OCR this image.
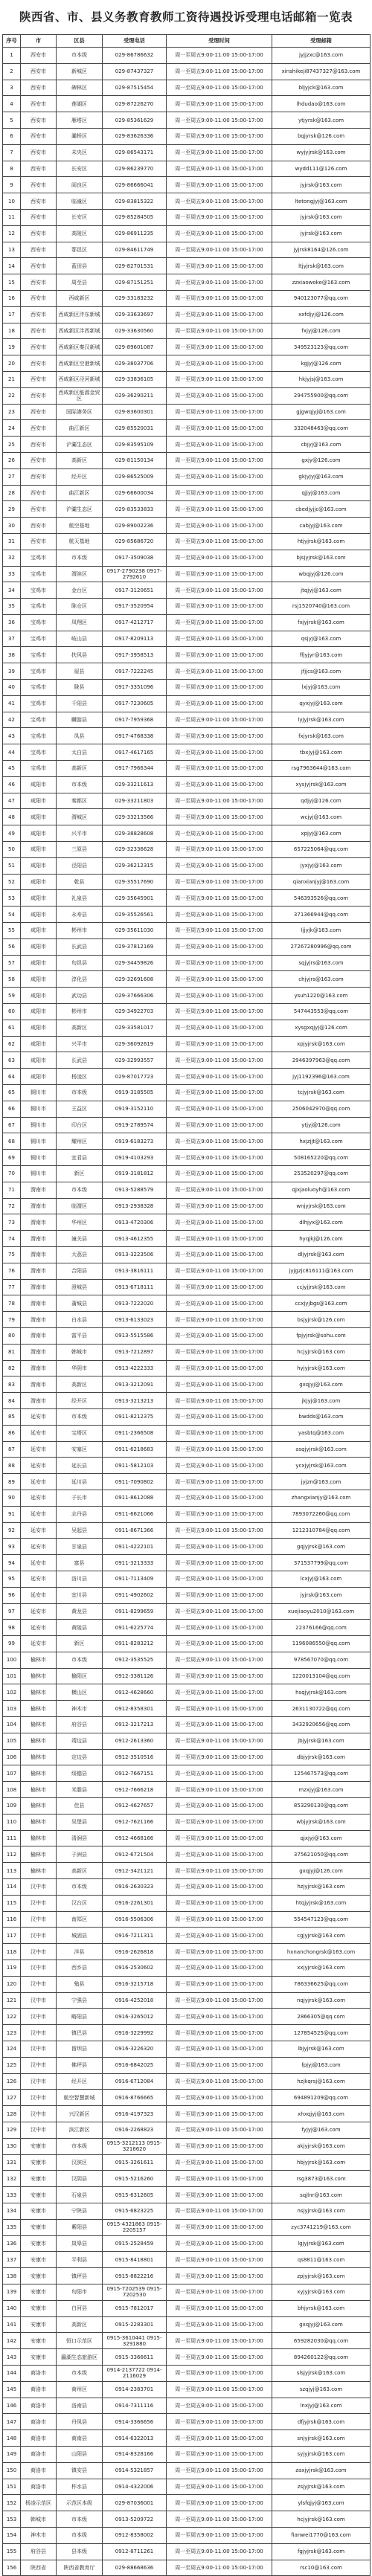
陕西省、市、县义务教育教师工资待遇投诉受理电话邮箱一览表
序号	市	区县	受理电话	受理时间	受理邮箱
1	西安市	市本级	029-86786632	周一至周五9:00-11:00 15:00-17:00	jyjjzxc@163.com
2	西安市	新城区	029-87437327	周一至周五9:00-11:00 15:00-17:00	xinshikeji87437327@163.com
3	西安市	碑林区	029-87515454	周一至周五9:00-11:00 15:00-17:00	bljyjck@163.com
4	西安市	莲湖区	029-87226270	周一至周五9:00-11:00 15:00-17:00	lhdudao@163.com
5	西安市	雁塔区	029-85361629	周一至周五9:00-11:00 15:00-17:00	ytjyrsk@163.com
6	西安市	灞桥区	029-83626336	周一至周五9:00-11:00 15:00-17:00	bqjyrsk@126.com
7	西安市	未央区	029-86543171	周一至周五9:00-11:00 15:00-17:00	wyjyjrsk@163.com
8	西安市	长安区	029-86239770	周一至周五9:00-11:00 15:00-17:00	wydd111@126.com
9	西安市	阎良区	029-86666041	周一至周五9:00-11:00 15:00-17:00	jyjrsk@163.com
10	西安市	临潼区	029-83815322	周一至周五9:00-11:00 15:00-17:00	ltetongjyj@163.com
11	西安市	长安区	029-85284505	周一至周五9:00-11:00 15:00-17:00	jyjrsk@163.com
12	西安市	高陵区	029-86911235	周一至周五9:00-11:00 15:00-17:00	jyjrsk@163.com
13	西安市	鄠邑区	029-84611749	周一至周五9:00-11:00 15:00-17:00	jyjrsk8164@126.com
14	西安市	蓝田县	029-82701531	周一至周五9:00-11:00 15:00-17:00	ltjyjrsk@163.com
15	西安市	周至县	029-87151251	周一至周五9:00-11:00 15:00-17:00	zzxiaowoke@163.com
16	西安市	西咸新区	029-33183232	周一至周五9:00-11:00 15:00-17:00	940123077@qq.com
17	西安市	西咸新区沣东新城	029-33633697	周一至周五9:00-11:00 15:00-17:00	xxfdjyj@126.com
18	西安市	西咸新区沣西新城	029-33630560	周一至周五9:00-11:00 15:00-17:00	fxjyj@126.com
19	西安市	西咸新区秦汉新城	029-89601087	周一至周五9:00-11:00 15:00-17:00	349523123@qq.com
20	西安市	西咸新区空港新城	029-38037706	周一至周五9:00-11:00 15:00-17:00	kgjyj@126.com
21	西安市	西咸新区泾河新城	029-33836105	周一至周五9:00-11:00 15:00-17:00	hkjyjsj@163.com
22	西安市	西咸新区能源金贸区	029-36290211	周一至周五9:00-11:00 15:00-17:00	294755900@qq.com
23	西安市	国际港务区	029-83600301	周一至周五9:00-11:00 15:00-17:00	gjgwqjyj@163.com
24	西安市	曲江新区	029-85520031	周一至周五9:00-11:00 15:00-17:00	332048463@qq.com
25	西安市	浐灞生态区	029-83595109	周一至周五9:00-11:00 15:00-17:00	cbjyj@163.com
26	西安市	高新区	029-81150134	周一至周五9:00-11:00 15:00-17:00	gxjy@126.com
27	西安市	经开区	029-86525009	周一至周五9:00-11:00 15:00-17:00	gkjyjyj@163.com
28	西安市	曲江新区	029-66600034	周一至周五9:00-11:00 15:00-17:00	qjjyj@163.com
29	西安市	沪灞生态区	029-83533833	周一至周五9:00-11:00 15:00-17:00	cbedjyjjc@163.com
30	西安市	航空基地	029-89002236	周一至周五9:00-11:00 15:00-17:00	cabjyj@163.com
31	西安市	航天基地	029-85686720	周一至周五9:00-11:00 15:00-17:00	htjyjrsk@163.com
32	宝鸡市	市本级	0917-3509038	周一至周五9:00-11:00 15:00-17:00	bjsjyjrsk@163.com
33	宝鸡市	渭滨区	0917-2790238 0917-2792610	周一至周五9:00-11:00 15:00-17:00	wbqjyj@126.com
34	宝鸡市	金台区	0917-3120651	周一至周五9:00-11:00 15:00-17:00	jtqjyj@163.com
35	宝鸡市	陈仓区	0917-3520954	周一至周五9:00-11:00 15:00-17:00	rsj1520740@163.com
36	宝鸡市	凤翔区	0917-4212717	周一至周五9:00-11:00 15:00-17:00	fxjyjrsk@163.com
37	宝鸡市	岐山县	0917-8209113	周一至周五9:00-11:00 15:00-17:00	qsjyj@163.com
38	宝鸡市	扶风县	0917-3958513	周一至周五9:00-11:00 15:00-17:00	ffjyjyr@163.com
39	宝鸡市	眉县	0917-7222245	周一至周五9:00-11:00 15:00-17:00	jfjjcs@163.com
40	宝鸡市	陇县	0917-3351096	周一至周五9:00-11:00 15:00-17:00	lxjyj@163.com
41	宝鸡市	千阳县	0917-7230605	周一至周五9:00-11:00 15:00-17:00	qyxjyj@163.com
42	宝鸡市	麟游县	0917-7959368	周一至周五9:00-11:00 15:00-17:00	lyjyjrsk@163.com
43	宝鸡市	凤县	0917-4768338	周一至周五9:00-11:00 15:00-17:00	fxjyrsk@163.com
44	宝鸡市	太白县	0917-4617165	周一至周五9:00-11:00 15:00-17:00	tbxjyj@163.com
45	宝鸡市	高新区	0917-7966344	周一至周五9:00-11:00 15:00-17:00	rsg7963644@163.com
46	咸阳市	市本级	029-33211613	周一至周五9:00-11:00 15:00-17:00	xysjyjrsk@163.com
47	咸阳市	秦都区	029-33211803	周一至周五9:00-11:00 15:00-17:00	qdjyj@126.com
48	咸阳市	渭城区	029-33213566	周一至周五9:00-11:00 15:00-17:00	wcjyj@163.com
49	咸阳市	兴平市	029-38828608	周一至周五9:00-11:00 15:00-17:00	xpjyj@163.com
50	咸阳市	三原县	029-32336628	周一至周五9:00-11:00 15:00-17:00	657225064@qq.com
51	咸阳市	泾阳县	029-36212315	周一至周五9:00-11:00 15:00-17:00	jyxjyj@163.com
52	咸阳市	乾县	029-35517690	周一至周五9:00-11:00 15:00-17:00	qianxianjyj@163.com
53	咸阳市	礼泉县	029-35645901	周一至周五9:00-11:00 15:00-17:00	546393526@qq.com
54	咸阳市	永寿县	029-35526561	周一至周五9:00-11:00 15:00-17:00	371366944@qq.com
55	咸阳市	彬州市	029-35611030	周一至周五9:00-11:00 15:00-17:00	ljjyjk@163.com
56	咸阳市	长武县	029-37812169	周一至周五9:00-11:00 15:00-17:00	27267280996@qq.com
57	咸阳市	旬邑县	029-34459826	周一至周五9:00-11:00 15:00-17:00	sqjyjrs@163.com
58	咸阳市	淳化县	029-32691608	周一至周五9:00-11:00 15:00-17:00	chjyjrs@163.com
59	咸阳市	武功县	029-37666306	周一至周五9:00-11:00 15:00-17:00	ysuh1220@163.com
60	咸阳市	彬州市	029-34922703	周一至周五9:00-11:00 15:00-17:00	547443553@qq.com
61	咸阳市	高新区	029-33581017	周一至周五9:00-11:00 15:00-17:00	xysgxqjyj@126.com
62	咸阳市	兴平市	029-36092619	周一至周五9:00-11:00 15:00-17:00	xpjyjrsk@163.com
63	咸阳市	长武县	029-32993557	周一至周五9:00-11:00 15:00-17:00	2946397963@qq.com
64	咸阳市	杨凌区	029-87017723	周一至周五9:00-11:00 15:00-17:00	jyj1192396@163.com
65	铜川市	市本级	0919-3185505	周一至周五9:00-11:00 15:00-17:00	tcjyjrsk@163.com
66	铜川市	王益区	0919-3152110	周一至周五9:00-11:00 15:00-17:00	2506042970@qq.com
67	铜川市	印台区	0919-2789574	周一至周五9:00-11:00 15:00-17:00	ytjyj@126.com
68	铜川市	耀州区	0919-6183273	周一至周五9:00-11:00 15:00-17:00	hxjzjjt@163.com
69	铜川市	宜君县	0919-4103293	周一至周五9:00-11:00 15:00-17:00	508165220@qq.com
70	铜川市	新区	0919-3181812	周一至周五9:00-11:00 15:00-17:00	253520297@qq.com
71	渭南市	市本级	0913-5288579	周一至周五9:00-11:00 15:00-17:00	qjxjaoluoyh@163.com
72	渭南市	临渭区	0913-2938328	周一至周五9:00-11:00 15:00-17:00	wnjyjrsk@163.com
73	渭南市	华州区	0913-4720306	周一至周五9:00-11:00 15:00-17:00	dlhjyx@163.com
74	渭南市	潼关县	0913-4612355	周一至周五9:00-11:00 15:00-17:00	hyqjkj@126.com
75	渭南市	大荔县	0913-3223506	周一至周五9:00-11:00 15:00-17:00	dljyjrsk@163.com
76	渭南市	合阳县	0913-3816111	周一至周五9:00-11:00 15:00-17:00	jyjgzjc816111@163.com
77	渭南市	澄城县	0913-6718111	周一至周五9:00-11:00 15:00-17:00	ccjyjjrsk@163.com
78	渭南市	蒲城县	0913-7222020	周一至周五9:00-11:00 15:00-17:00	ccxjyjbgs@163.com
79	渭南市	白水县	0913-6133023	周一至周五9:00-11:00 15:00-17:00	bsjyjrsk@126.com
80	渭南市	富平县	0913-5515586	周一至周五9:00-11:00 15:00-17:00	fpjyjrsk@sohu.com
81	渭南市	韩城市	0913-7212897	周一至周五9:00-11:00 15:00-17:00	hcjyjrsk@163.com
82	渭南市	华阴市	0913-4222333	周一至周五9:00-11:00 15:00-17:00	hyjyjrsk@163.com
83	渭南市	高新区	0913-3212091	周一至周五9:00-11:00 15:00-17:00	gxqjyj@163.com
84	渭南市	经开区	0913-3213213	周一至周五9:00-11:00 15:00-17:00	jkjyj@163.com
85	延安市	市本级	0911-8212375	周一至周五9:00-11:00 15:00-17:00	bwdds@163.com
86	延安市	宝塔区	0911-2366508	周一至周五9:00-11:00 15:00-17:00	yasbtq@163.com
87	延安市	安塞区	0911-6218683	周一至周五9:00-11:00 15:00-17:00	asqjyjrsk@163.com
88	延安市	延长县	0911-5812103	周一至周五9:00-11:00 15:00-17:00	ycxjyjrsk@163.com
89	延安市	延川县	0911-7090802	周一至周五9:00-11:00 15:00-17:00	jyjzn@163.com
90	延安市	子长市	0911-8612088	周一至周五9:00-11:00 15:00-17:00	zhangxianjy@163.com
91	延安市	志丹县	0911-6621066	周一至周五9:00-11:00 15:00-17:00	7893072260@qq.com
92	延安市	吴起县	0911-8671366	周一至周五9:00-11:00 15:00-17:00	1212310784@qq.com
93	延安市	甘泉县	0911-4222101	周一至周五9:00-11:00 15:00-17:00	gqjyjrsk@163.com
94	延安市	富县	0911-3213333	周一至周五9:00-11:00 15:00-17:00	371537799@qq.com
95	延安市	洛川县	0911-7113409	周一至周五9:00-11:00 15:00-17:00	lcxjyj@163.com
96	延安市	宜川县	0911-4902602	周一至周五9:00-11:00 15:00-17:00	jyjrsk@163.com
97	延安市	黄龙县	0911-8299659	周一至周五9:00-11:00 15:00-17:00	xuejiaoyu2010@163.com
98	延安市	黄陵县	0911-6225774	周一至周五9:00-11:00 15:00-17:00	22376166@qq.com
99	延安市	新区	0911-8283212	周一至周五9:00-11:00 15:00-17:00	1196086550@qq.com
100	榆林市	市本级	0912-3535525	周一至周五9:00-11:00 15:00-17:00	978567070@qq.com
101	榆林市	榆阳区	0912-3381126	周一至周五9:00-11:00 15:00-17:00	1220013104@qq.com
102	榆林市	横山区	0912-4628660	周一至周五9:00-11:00 15:00-17:00	hsqjyjrsk@163.com
103	榆林市	神木市	0912-8358301	周一至周五9:00-11:00 15:00-17:00	2631130722@qq.com
104	榆林市	府谷县	0912-3217213	周一至周五9:00-11:00 15:00-17:00	3432920656@qq.com
105	榆林市	靖边县	0912-2613360	周一至周五9:00-11:00 15:00-17:00	jbjyjrsk@163.com
106	榆林市	定边县	0912-3510516	周一至周五9:00-11:00 15:00-17:00	dbjyjrsk@163.com
107	榆林市	绥德县	0912-7667151	周一至周五9:00-11:00 15:00-17:00	125467573@qq.com
108	榆林市	米脂县	0912-7666218	周一至周五9:00-11:00 15:00-17:00	mzxjyj@163.com
109	榆林市	佳县	0912-4627657	周一至周五9:00-11:00 15:00-17:00	853290130@qq.com
110	榆林市	吴堡县	0912-7621166	周一至周五9:00-11:00 15:00-17:00	wbjyjrsk@163.com
111	榆林市	清涧县	0912-4668166	周一至周五9:00-11:00 15:00-17:00	qjxjyj@163.com
112	榆林市	子洲县	0912-6721504	周一至周五9:00-11:00 15:00-17:00	375621050@qq.com
113	榆林市	高新区	0912-3421121	周一至周五9:00-11:00 15:00-17:00	gxqjyj@126.com
114	汉中市	市本级	0916-2630323	周一至周五9:00-11:00 15:00-17:00	hzjyjrsk@163.com
115	汉中市	汉台区	0916-2261301	周一至周五9:00-11:00 15:00-17:00	htqjyjrsk@163.com
116	汉中市	南郑区	0916-5506306	周一至周五9:00-11:00 15:00-17:00	554547123@qq.com
117	汉中市	城固县	0916-7211311	周一至周五9:00-11:00 15:00-17:00	cgjyjrsk@163.com
118	汉中市	洋县	0916-2626818	周一至周五9:00-11:00 15:00-17:00	hxnanchongrsk@163.com
119	汉中市	西乡县	0916-2530602	周一至周五9:00-11:00 15:00-17:00	xxjyjrsk@163.com
120	汉中市	勉县	0916-3215718	周一至周五9:00-11:00 15:00-17:00	786336625@qq.com
121	汉中市	宁强县	0916-4252018	周一至周五9:00-11:00 15:00-17:00	nqjyjrsk@163.com
122	汉中市	略阳县	0916-3265012	周一至周五9:00-11:00 15:00-17:00	2866305@qq.com
123	汉中市	镇巴县	0916-3229992	周一至周五9:00-11:00 15:00-17:00	127854525@qq.com
124	汉中市	留坝县	0916-3226320	周一至周五9:00-11:00 15:00-17:00	lbjyjrsk@163.com
125	汉中市	佛坪县	0916-6842025	周一至周五9:00-11:00 15:00-17:00	fpjyj@163.com
126	汉中市	经开区	0916-6712084	周一至周五9:00-11:00 15:00-17:00	hzjkqrsj@163.com
127	汉中市	航空智慧新城	0916-8766665	周一至周五9:00-11:00 15:00-17:00	694891209@qq.com
128	汉中市	兴汉新区	0916-4197323	周一至周五9:00-11:00 15:00-17:00	xhxqjyj@163.com
129	汉中市	滨江新区	0916-2268823	周一至周五9:00-11:00 15:00-17:00	fyjyj@163.com
130	安康市	市本级	0915-3212113 0915-3216620	周一至周五9:00-11:00 15:00-17:00	akjyjrsk@163.com
131	安康市	汉滨区	0915-3261611	周一至周五9:00-11:00 15:00-17:00	hbjyjrsk@163.com
132	安康市	汉阴县	0915-5216260	周一至周五9:00-11:00 15:00-17:00	rsg3873@163.com
133	安康市	石泉县	0915-6312605	周一至周五9:00-11:00 15:00-17:00	sqjlnr@163.com
134	安康市	宁陕县	0915-6823225	周一至周五9:00-11:00 15:00-17:00	nsjyjrsk@163.com
135	安康市	紫阳县	0915-4321863 0915-2205157	周一至周五9:00-11:00 15:00-17:00	zyc3741219@163.com
136	安康市	岚皋县	0915-2528459	周一至周五9:00-11:00 15:00-17:00	lgjyjrsk@163.com
137	安康市	平利县	0915-8418801	周一至周五9:00-11:00 15:00-17:00	qs8811@163.com
138	安康市	镇坪县	0915-8822216	周一至周五9:00-11:00 15:00-17:00	zpjyjrsk@163.com
139	安康市	旬阳市	0915-7202539 0915-7202530	周一至周五9:00-11:00 15:00-17:00	xyjyjrsk@163.com
140	安康市	白河县	0915-7812017	周一至周五9:00-11:00 15:00-17:00	bhjyrsk@163.com
141	安康市	高新区	0915-2283301	周一至周五9:00-11:00 15:00-17:00	gxqjyj@163.com
142	安康市	恒口示范区	0915-3610441 0915-3291880	周一至周五9:00-11:00 15:00-17:00	659282030@qq.com
143	安康市	瀛湖生态旅游区	0915-3366611	周一至周五9:00-11:00 15:00-17:00	894260122@qq.com
144	商洛市	市本级	0914-2137722 0914-2116029	周一至周五9:00-11:00 15:00-17:00	slsjyjrsk@163.com
145	商洛市	商州区	0914-2383701	周一至周五9:00-11:00 15:00-17:00	szqjyj@163.com
146	商洛市	洛南县	0914-7311116	周一至周五9:00-11:00 15:00-17:00	lnxjyj@163.com
147	商洛市	丹凤县	0914-3366656	周一至周五9:00-11:00 15:00-17:00	dfjyjrsk@163.com
148	商洛市	商南县	0914-6322013	周一至周五9:00-11:00 15:00-17:00	snjyjrsk@163.com
149	商洛市	山阳县	0914-8328166	周一至周五9:00-11:00 15:00-17:00	syjyjrsk@163.com
150	商洛市	镇安县	0914-5321857	周一至周五9:00-11:00 15:00-17:00	zaxjyjrsk@163.com
151	商洛市	柞水县	0914-4322006	周一至周五9:00-11:00 15:00-17:00	zsjyjrsk@163.com
152	杨凌示范区	示范区本级	029-87036001	周一至周五9:00-11:00 15:00-17:00	ylsfqjyj@163.com
153	韩城市	市本级	0913-5209722	周一至周五9:00-11:00 15:00-17:00	hcjyjrsk@163.com
154	神木市	市本级	0912-8358002	周一至周五9:00-11:00 15:00-17:00	fianwei1770@163.com
155	府谷县	县本级	0912-8711261	周一至周五9:00-11:00 15:00-17:00	fgjyjrsk@163.com
156	陕西省	陕西省教育厅	029-88668636	周一至周五9:00-11:00 15:00-17:00	rsc10@163.com
